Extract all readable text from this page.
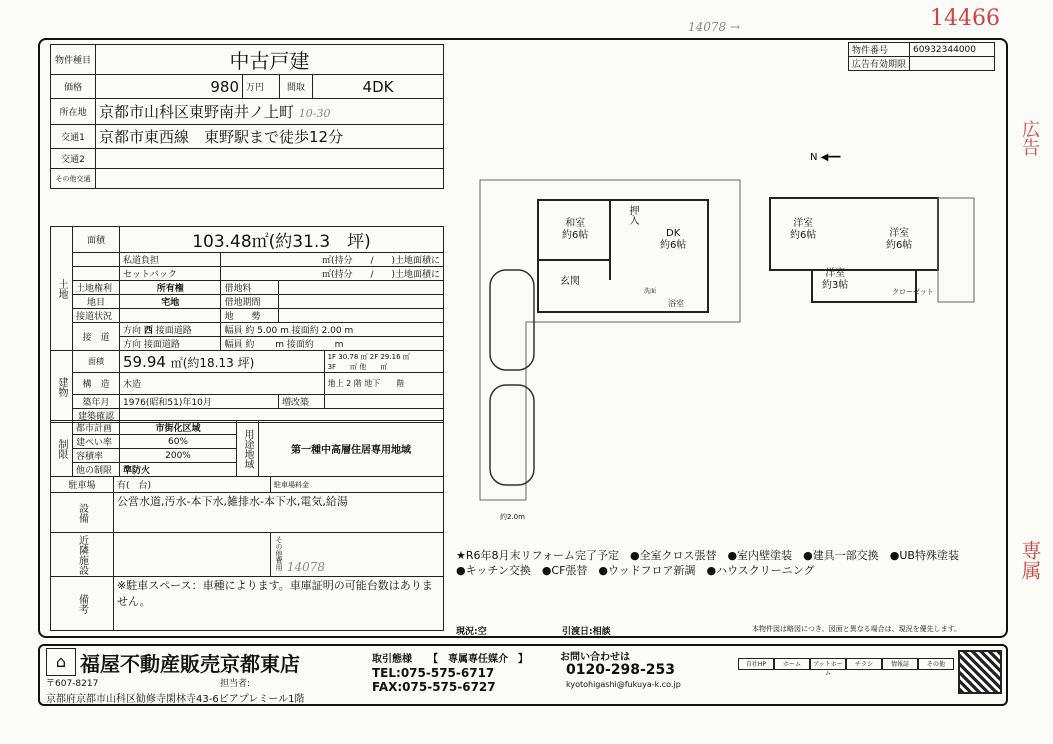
14466
14078 →
広告
専属
物件種目	中古戸建			
価格	980	万円	間取	4DK
所在地	京都市山科区東野南井ノ上町 10-30			
交通1	京都市東西線　東野駅まで徒歩12分			
交通2				
その他交通				
物件番号	60932344000
広告有効期限	
土地	面積	103.48㎡(約31.3　坪)			
		私道負担	㎡(持分　　/　　)土地面積に		
		セットバック	㎡(持分　　/　　)土地面積に		
	土地権利	所有権	借地料		
	地目	宅地	借地期間		
	接道状況		地　　勢		
	接　道	方向 西 接面道路	幅員 約 5.00 m 接面約 2.00 m		
		方向 接面道路	幅員 約　　 m 接面約　　 m		
建物	面積	59.94 ㎡(約18.13 坪)			1F 30.78 ㎡ 2F 29.16 ㎡
3F　　㎡ 他　　㎡

	構　造	木造			地上 2 階 地下　　階
	築年月	1976(昭和51)年10月		増改築	
	建築確認				
制限	都市計画	市街化区域	用途地域	第一種中高層住居専用地域
	建ぺい率	60%		
	容積率	200%		
	他の制限	準防火		
駐車場	有(　台)	駐車場料金
設備	公営水道,汚水-本下水,雑排水-本下水,電気,給湯	
近隣施設		その他費用 14078
備考	※駐車スペース：車種によります。車庫証明の可能台数はありません。	
N ◀━━
和室
約6帖	DK
約6帖
玄関
押入
浴室
洗面
洋室
約6帖	洋室
約6帖
洋室
約3帖
クローゼット
約2.0m
★R6年8月末リフォーム完了予定　●全室クロス張替　●室内壁塗装　●建具一部交換　●UB特殊塗装　●キッチン交換　●CF張替　●ウッドフロア新調　●ハウスクリーニング
現況:空	引渡日:相談	本物件図は略図につき、図面と異なる場合は、現況を優先します。
⌂ 福屋不動産販売京都東店
〒607-8217	担当者:
京都府京都市山科区勧修寺閑林寺43-6ピアプレミール1階
取引態様 【　専属専任媒介　】
TEL:075-575-6717
FAX:075-575-6727
お問い合わせは
0120-298-253
kyotohigashi@fukuya-k.co.jp
自社HP	ホーム	アットホーム
チラシ	情報誌	その他
